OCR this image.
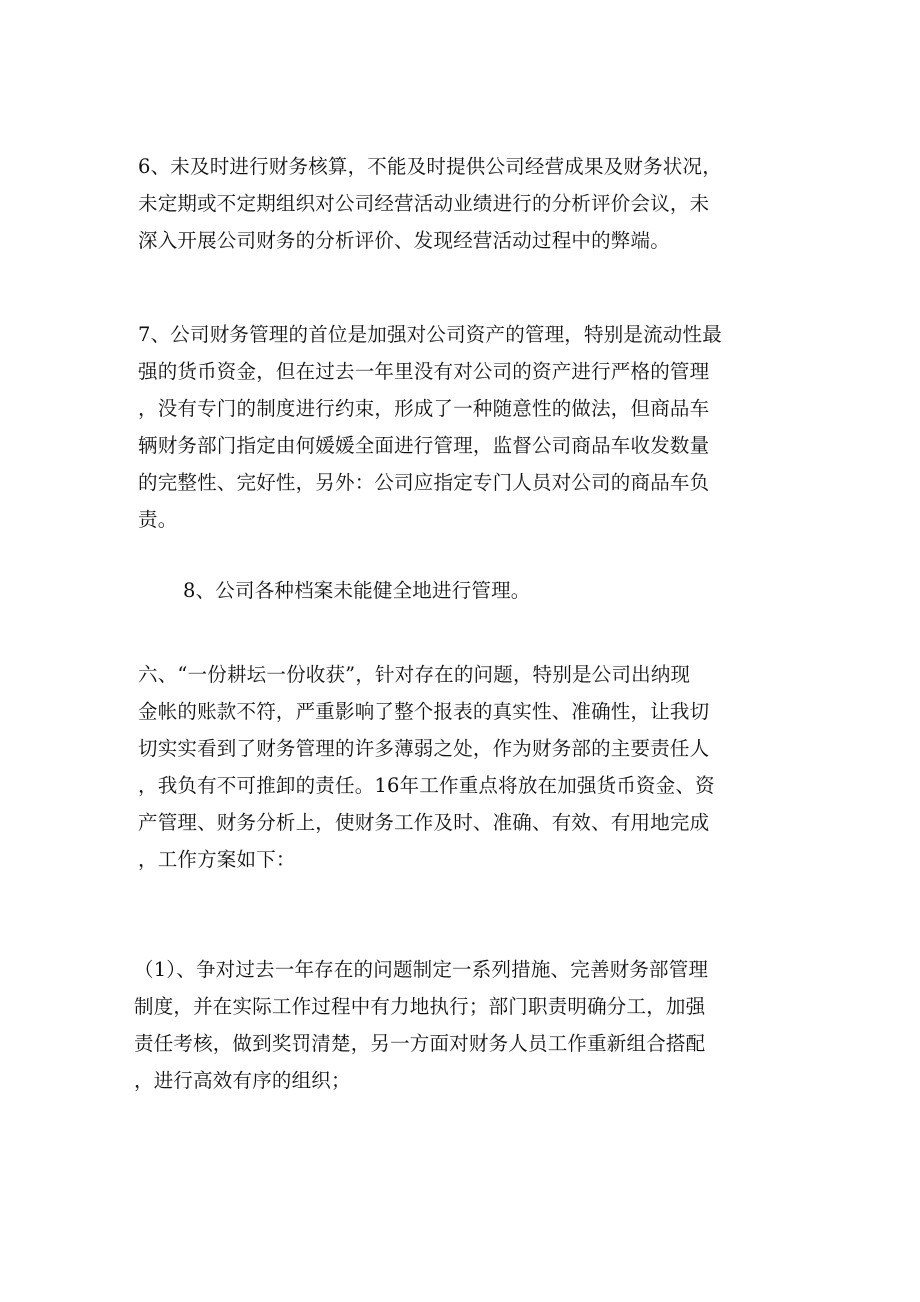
6、未及时进行财务核算，不能及时提供公司经营成果及财务状况，
未定期或不定期组织对公司经营活动业绩进行的分析评价会议，未
深入开展公司财务的分析评价、发现经营活动过程中的弊端。
7、公司财务管理的首位是加强对公司资产的管理，特别是流动性最
强的货币资金，但在过去一年里没有对公司的资产进行严格的管理
，没有专门的制度进行约束，形成了一种随意性的做法，但商品车
辆财务部门指定由何媛媛全面进行管理，监督公司商品车收发数量
的完整性、完好性，另外：公司应指定专门人员对公司的商品车负
责。
8、公司各种档案未能健全地进行管理。
六、“一份耕坛一份收获”，针对存在的问题，特别是公司出纳现
金帐的账款不符，严重影响了整个报表的真实性、准确性，让我切
切实实看到了财务管理的许多薄弱之处，作为财务部的主要责任人
，我负有不可推卸的责任。16年工作重点将放在加强货币资金、资
产管理、财务分析上，使财务工作及时、准确、有效、有用地完成
，工作方案如下：
（1）、争对过去一年存在的问题制定一系列措施、完善财务部管理
制度，并在实际工作过程中有力地执行；部门职责明确分工，加强
责任考核，做到奖罚清楚，另一方面对财务人员工作重新组合搭配
，进行高效有序的组织；
